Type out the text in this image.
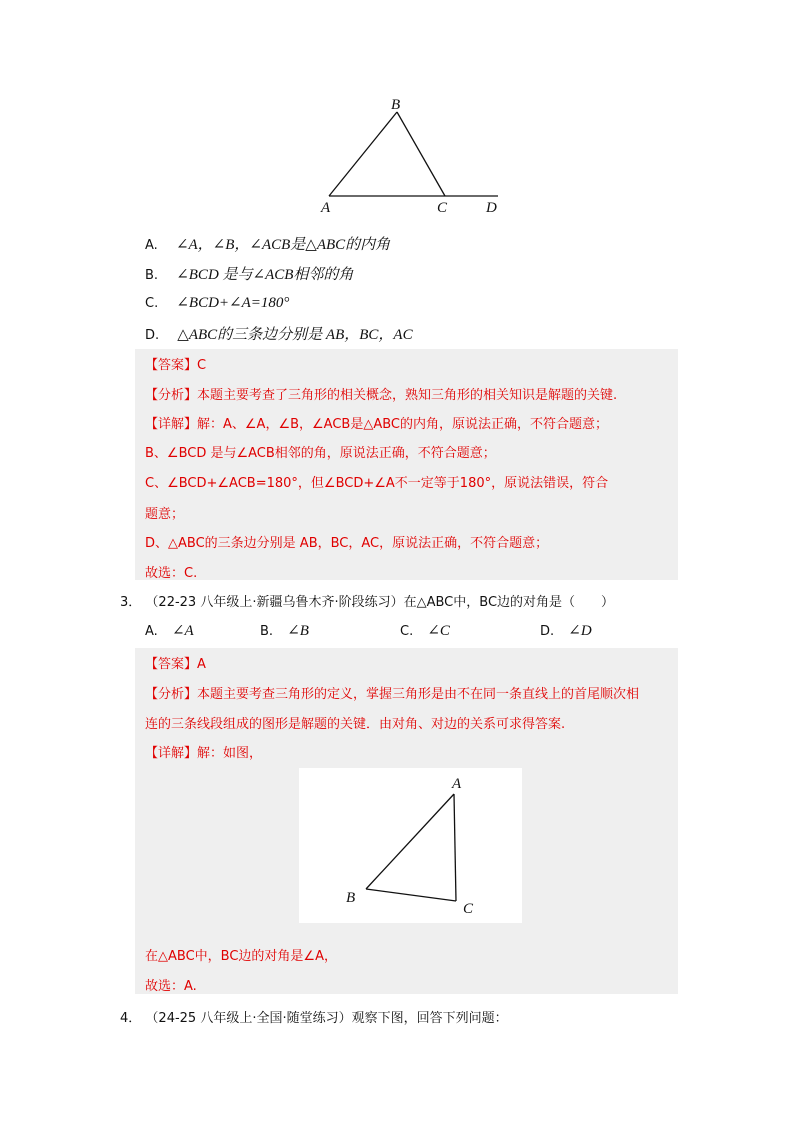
B
A	C	D
A. ∠A，∠B，∠ACB是△ABC的内角
B. ∠BCD 是与∠ACB相邻的角
C. ∠BCD+∠A=180°
D. △ABC的三条边分别是 AB，BC，AC
【答案】C
【分析】本题主要考查了三角形的相关概念，熟知三角形的相关知识是解题的关键.
【详解】解：A、∠A，∠B，∠ACB是△ABC的内角，原说法正确，不符合题意；
B、∠BCD 是与∠ACB相邻的角，原说法正确，不符合题意；
C、∠BCD+∠ACB=180°，但∠BCD+∠A不一定等于180°，原说法错误，符合
题意；
D、△ABC的三条边分别是 AB，BC，AC，原说法正确，不符合题意；
故选：C.
3． （22-23 八年级上·新疆乌鲁木齐·阶段练习）在△ABC中，BC边的对角是（　　）
A. ∠A	B. ∠B	C. ∠C	D. ∠D
【答案】A
【分析】本题主要考查三角形的定义，掌握三角形是由不在同一条直线上的首尾顺次相
连的三条线段组成的图形是解题的关键．由对角、对边的关系可求得答案.
【详解】解：如图，
A
B
C
在△ABC中，BC边的对角是∠A，
故选：A.
4． （24-25 八年级上·全国·随堂练习）观察下图，回答下列问题：
